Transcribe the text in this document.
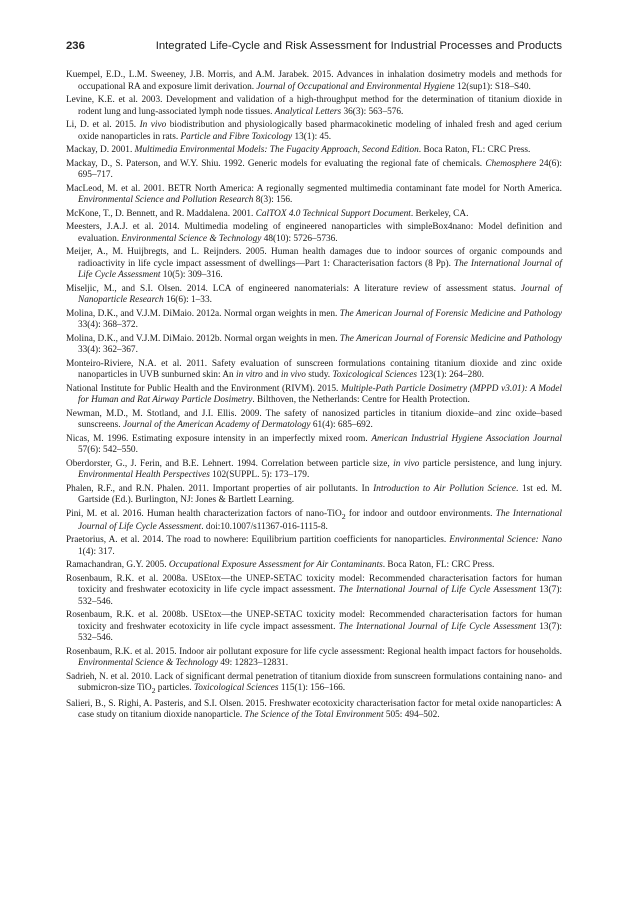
236	Integrated Life-Cycle and Risk Assessment for Industrial Processes and Products

Kuempel, E.D., L.M. Sweeney, J.B. Morris, and A.M. Jarabek. 2015. Advances in inhalation dosimetry models and methods for occupational RA and exposure limit derivation. Journal of Occupational and Environmental Hygiene 12(sup1): S18–S40.

Levine, K.E. et al. 2003. Development and validation of a high-throughput method for the determination of titanium dioxide in rodent lung and lung-associated lymph node tissues. Analytical Letters 36(3): 563–576.

Li, D. et al. 2015. In vivo biodistribution and physiologically based pharmacokinetic modeling of inhaled fresh and aged cerium oxide nanoparticles in rats. Particle and Fibre Toxicology 13(1): 45.

Mackay, D. 2001. Multimedia Environmental Models: The Fugacity Approach, Second Edition. Boca Raton, FL: CRC Press.

Mackay, D., S. Paterson, and W.Y. Shiu. 1992. Generic models for evaluating the regional fate of chemicals. Chemosphere 24(6): 695–717.

MacLeod, M. et al. 2001. BETR North America: A regionally segmented multimedia contaminant fate model for North America. Environmental Science and Pollution Research 8(3): 156.

McKone, T., D. Bennett, and R. Maddalena. 2001. CalTOX 4.0 Technical Support Document. Berkeley, CA.

Meesters, J.A.J. et al. 2014. Multimedia modeling of engineered nanoparticles with simpleBox4nano: Model definition and evaluation. Environmental Science & Technology 48(10): 5726–5736.

Meijer, A., M. Huijbregts, and L. Reijnders. 2005. Human health damages due to indoor sources of organic compounds and radioactivity in life cycle impact assessment of dwellings—Part 1: Characterisation factors (8 Pp). The International Journal of Life Cycle Assessment 10(5): 309–316.

Miseljic, M., and S.I. Olsen. 2014. LCA of engineered nanomaterials: A literature review of assessment status. Journal of Nanoparticle Research 16(6): 1–33.

Molina, D.K., and V.J.M. DiMaio. 2012a. Normal organ weights in men. The American Journal of Forensic Medicine and Pathology 33(4): 368–372.

Molina, D.K., and V.J.M. DiMaio. 2012b. Normal organ weights in men. The American Journal of Forensic Medicine and Pathology 33(4): 362–367.

Monteiro-Riviere, N.A. et al. 2011. Safety evaluation of sunscreen formulations containing titanium dioxide and zinc oxide nanoparticles in UVB sunburned skin: An in vitro and in vivo study. Toxicological Sciences 123(1): 264–280.

National Institute for Public Health and the Environment (RIVM). 2015. Multiple-Path Particle Dosimetry (MPPD v3.01): A Model for Human and Rat Airway Particle Dosimetry. Bilthoven, the Netherlands: Centre for Health Protection.

Newman, M.D., M. Stotland, and J.I. Ellis. 2009. The safety of nanosized particles in titanium dioxide–and zinc oxide–based sunscreens. Journal of the American Academy of Dermatology 61(4): 685–692.

Nicas, M. 1996. Estimating exposure intensity in an imperfectly mixed room. American Industrial Hygiene Association Journal 57(6): 542–550.

Oberdorster, G., J. Ferin, and B.E. Lehnert. 1994. Correlation between particle size, in vivo particle persistence, and lung injury. Environmental Health Perspectives 102(SUPPL. 5): 173–179.

Phalen, R.F., and R.N. Phalen. 2011. Important properties of air pollutants. In Introduction to Air Pollution Science. 1st ed. M. Gartside (Ed.). Burlington, NJ: Jones & Bartlett Learning.

Pini, M. et al. 2016. Human health characterization factors of nano-TiO$_2$ for indoor and outdoor environments. The International Journal of Life Cycle Assessment. doi:10.1007/s11367-016-1115-8.

Praetorius, A. et al. 2014. The road to nowhere: Equilibrium partition coefficients for nanoparticles. Environmental Science: Nano 1(4): 317.

Ramachandran, G.Y. 2005. Occupational Exposure Assessment for Air Contaminants. Boca Raton, FL: CRC Press.

Rosenbaum, R.K. et al. 2008a. USEtox—the UNEP-SETAC toxicity model: Recommended characterisation factors for human toxicity and freshwater ecotoxicity in life cycle impact assessment. The International Journal of Life Cycle Assessment 13(7): 532–546.

Rosenbaum, R.K. et al. 2008b. USEtox—the UNEP-SETAC toxicity model: Recommended characterisation factors for human toxicity and freshwater ecotoxicity in life cycle impact assessment. The International Journal of Life Cycle Assessment 13(7): 532–546.

Rosenbaum, R.K. et al. 2015. Indoor air pollutant exposure for life cycle assessment: Regional health impact factors for households. Environmental Science & Technology 49: 12823–12831.

Sadrieh, N. et al. 2010. Lack of significant dermal penetration of titanium dioxide from sunscreen formulations containing nano- and submicron-size TiO$_2$ particles. Toxicological Sciences 115(1): 156–166.

Salieri, B., S. Righi, A. Pasteris, and S.I. Olsen. 2015. Freshwater ecotoxicity characterisation factor for metal oxide nanoparticles: A case study on titanium dioxide nanoparticle. The Science of the Total Environment 505: 494–502.
